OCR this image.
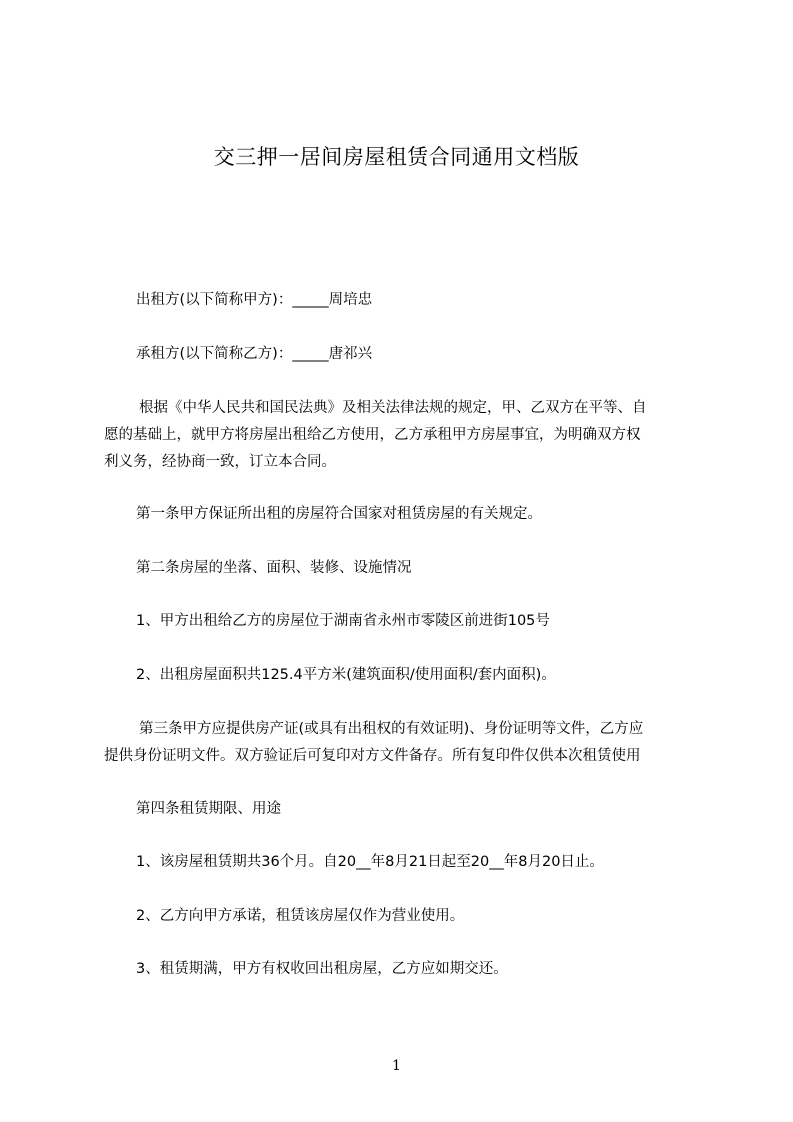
交三押一居间房屋租赁合同通用文档版
出租方(以下简称甲方)：_____周培忠
承租方(以下简称乙方)：_____唐祁兴
根据《中华人民共和国民法典》及相关法律法规的规定，甲、乙双方在平等、自
愿的基础上，就甲方将房屋出租给乙方使用，乙方承租甲方房屋事宜，为明确双方权
利义务，经协商一致，订立本合同。
第一条甲方保证所出租的房屋符合国家对租赁房屋的有关规定。
第二条房屋的坐落、面积、装修、设施情况
1、甲方出租给乙方的房屋位于湖南省永州市零陵区前进街105号
2、出租房屋面积共125.4平方米(建筑面积/使用面积/套内面积)。
第三条甲方应提供房产证(或具有出租权的有效证明)、身份证明等文件，乙方应
提供身份证明文件。双方验证后可复印对方文件备存。所有复印件仅供本次租赁使用
第四条租赁期限、用途
1、该房屋租赁期共36个月。自20__年8月21日起至20__年8月20日止。
2、乙方向甲方承诺，租赁该房屋仅作为营业使用。
3、租赁期满，甲方有权收回出租房屋，乙方应如期交还。
1
